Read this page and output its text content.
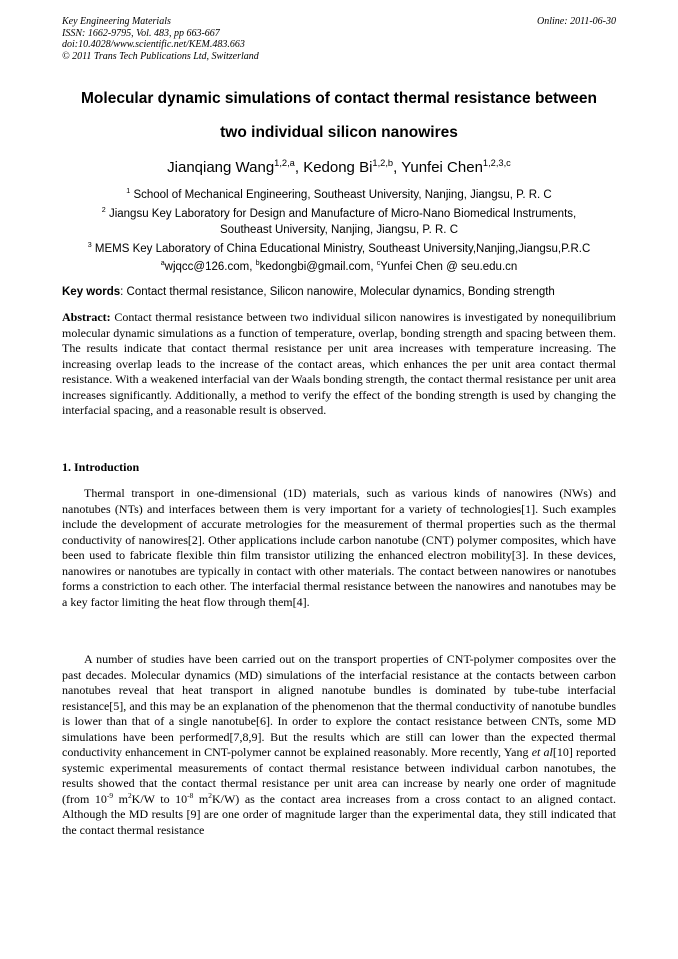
Key Engineering Materials
ISSN: 1662-9795, Vol. 483, pp 663-667
doi:10.4028/www.scientific.net/KEM.483.663
© 2011 Trans Tech Publications Ltd, Switzerland
Online: 2011-06-30
Molecular dynamic simulations of contact thermal resistance between
two individual silicon nanowires
Jianqiang Wang$^{1,2,a}$, Kedong Bi$^{1,2,b}$, Yunfei Chen$^{1,2,3,c}$
$^1$ School of Mechanical Engineering, Southeast University, Nanjing, Jiangsu, P. R. C
$^2$ Jiangsu Key Laboratory for Design and Manufacture of Micro-Nano Biomedical Instruments,
Southeast University, Nanjing, Jiangsu, P. R. C
$^3$ MEMS Key Laboratory of China Educational Ministry, Southeast University,Nanjing,Jiangsu,P.R.C
$^a$wjqcc@126.com, $^b$kedongbi@gmail.com, $^c$Yunfei Chen @ seu.edu.cn
Key words: Contact thermal resistance, Silicon nanowire, Molecular dynamics, Bonding strength

Abstract: Contact thermal resistance between two individual silicon nanowires is investigated by nonequilibrium molecular dynamic simulations as a function of temperature, overlap, bonding strength and spacing between them. The results indicate that contact thermal resistance per unit area increases with temperature increasing. The increasing overlap leads to the increase of the contact areas, which enhances the per unit area contact thermal resistance. With a weakened interfacial van der Waals bonding strength, the contact thermal resistance per unit area increases significantly. Additionally, a method to verify the effect of the bonding strength is used by changing the interfacial spacing, and a reasonable result is observed.

1. Introduction

Thermal transport in one-dimensional (1D) materials, such as various kinds of nanowires (NWs) and nanotubes (NTs) and interfaces between them is very important for a variety of technologies[1]. Such examples include the development of accurate metrologies for the measurement of thermal properties such as the thermal conductivity of nanowires[2]. Other applications include carbon nanotube (CNT) polymer composites, which have been used to fabricate flexible thin film transistor utilizing the enhanced electron mobility[3]. In these devices, nanowires or nanotubes are typically in contact with other materials. The contact between nanowires or nanotubes forms a constriction to each other. The interfacial thermal resistance between the nanowires and nanotubes may be a key factor limiting the heat flow through them[4].

A number of studies have been carried out on the transport properties of CNT-polymer composites over the past decades. Molecular dynamics (MD) simulations of the interfacial resistance at the contacts between carbon nanotubes reveal that heat transport in aligned nanotube bundles is dominated by tube-tube interfacial resistance[5], and this may be an explanation of the phenomenon that the thermal conductivity of nanotube bundles is lower than that of a single nanotube[6]. In order to explore the contact resistance between CNTs, some MD simulations have been performed[7,8,9]. But the results which are still can lower than the expected thermal conductivity enhancement in CNT-polymer cannot be explained reasonably. More recently, Yang et al[10] reported systemic experimental measurements of contact thermal resistance between individual carbon nanotubes, the results showed that the contact thermal resistance per unit area can increase by nearly one order of magnitude (from $10^{-9}$ $m^2K/W$ to $10^{-8}$ $m^2K/W$) as the contact area increases from a cross contact to an aligned contact. Although the MD results [9] are one order of magnitude larger than the experimental data, they still indicated that the contact thermal resistance
